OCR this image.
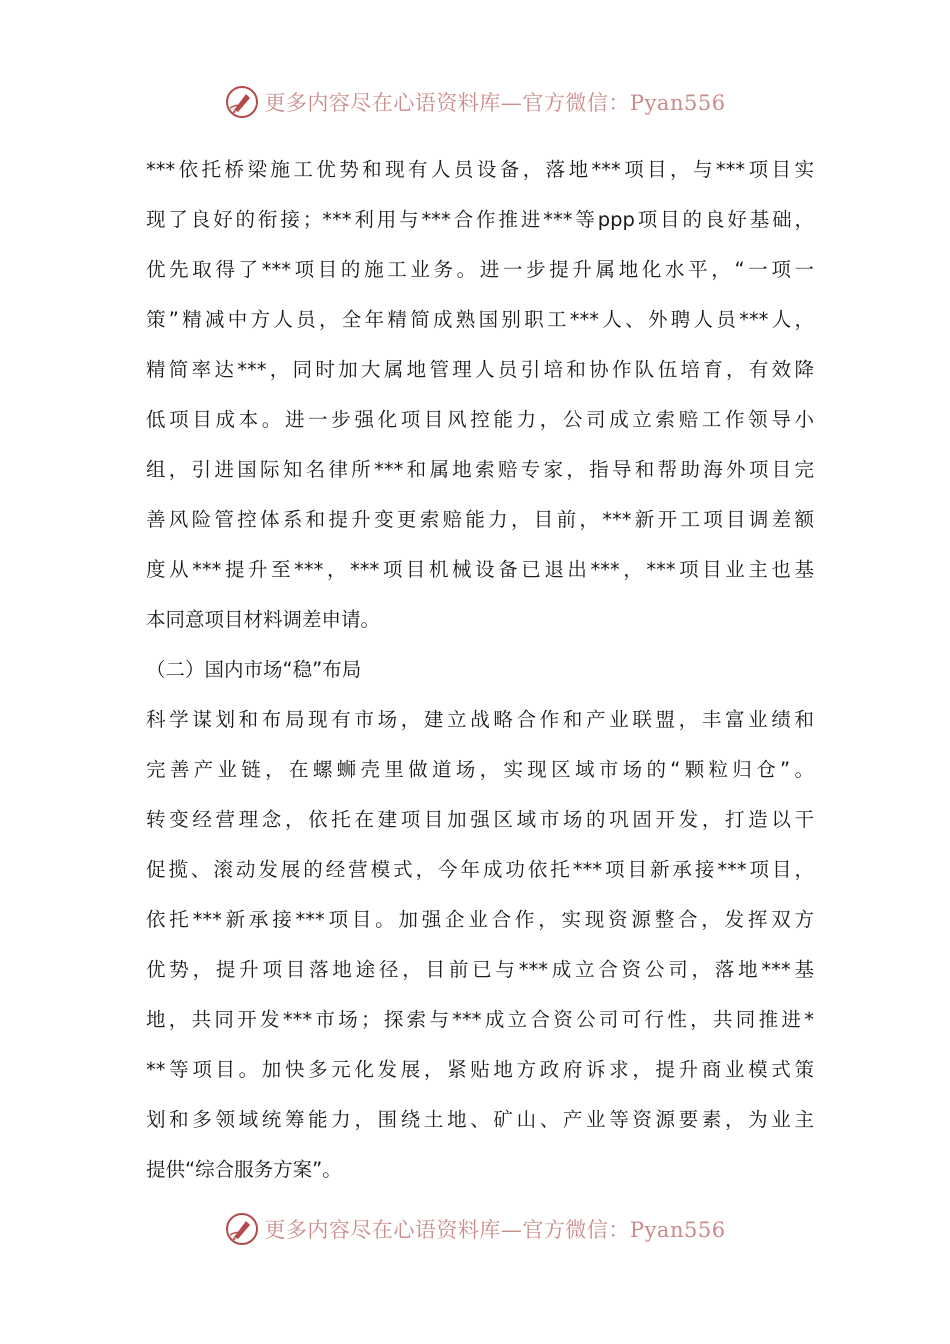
更多内容尽在心语资料库—官方微信：Pyan556
***依托桥梁施工优势和现有人员设备，落地***项目，与***项目实
现了良好的衔接；***利用与***合作推进***等ppp项目的良好基础，
优先取得了***项目的施工业务。进一步提升属地化水平，“一项一
策”精减中方人员，全年精简成熟国别职工***人、外聘人员***人，
精简率达***，同时加大属地管理人员引培和协作队伍培育，有效降
低项目成本。进一步强化项目风控能力，公司成立索赔工作领导小
组，引进国际知名律所***和属地索赔专家，指导和帮助海外项目完
善风险管控体系和提升变更索赔能力，目前，***新开工项目调差额
度从***提升至***，***项目机械设备已退出***，***项目业主也基
本同意项目材料调差申请。
（二）国内市场“稳”布局
科学谋划和布局现有市场，建立战略合作和产业联盟，丰富业绩和
完善产业链，在螺蛳壳里做道场，实现区域市场的“颗粒归仓”。
转变经营理念，依托在建项目加强区域市场的巩固开发，打造以干
促揽、滚动发展的经营模式，今年成功依托***项目新承接***项目，
依托***新承接***项目。加强企业合作，实现资源整合，发挥双方
优势，提升项目落地途径，目前已与***成立合资公司，落地***基
地，共同开发***市场；探索与***成立合资公司可行性，共同推进*
**等项目。加快多元化发展，紧贴地方政府诉求，提升商业模式策
划和多领域统筹能力，围绕土地、矿山、产业等资源要素，为业主
提供“综合服务方案”。
更多内容尽在心语资料库—官方微信：Pyan556
